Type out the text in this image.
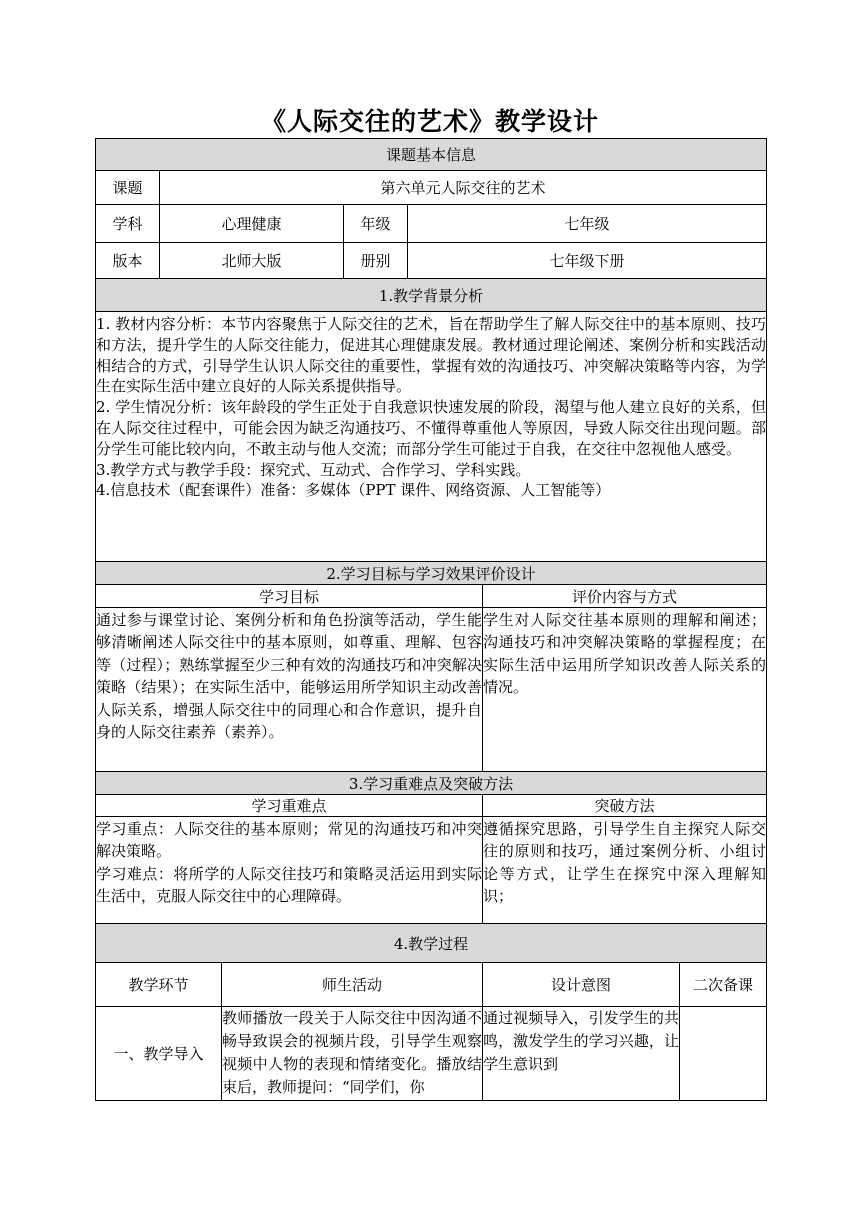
《人际交往的艺术》教学设计
课题基本信息						
课题	第六单元人际交往的艺术					
学科	心理健康		年级	七年级		
版本	北师大版		册别	七年级下册		
1.教学背景分析						

1. 教材内容分析：本节内容聚焦于人际交往的艺术，旨在帮助学生了解人际交往中的基本原则、技巧和方法，提升学生的人际交往能力，促进其心理健康发展。教材通过理论阐述、案例分析和实践活动相结合的方式，引导学生认识人际交往的重要性，掌握有效的沟通技巧、冲突解决策略等内容，为学生在实际生活中建立良好的人际关系提供指导。

2. 学生情况分析：该年龄段的学生正处于自我意识快速发展的阶段，渴望与他人建立良好的关系，但在人际交往过程中，可能会因为缺乏沟通技巧、不懂得尊重他人等原因，导致人际交往出现问题。部分学生可能比较内向，不敢主动与他人交流；而部分学生可能过于自我，在交往中忽视他人感受。

3.教学方式与教学手段：探究式、互动式、合作学习、学科实践。

4.信息技术（配套课件）准备：多媒体（PPT 课件、网络资源、人工智能等）						

2.学习目标与学习效果评价设计						
学习目标					评价内容与方式	
通过参与课堂讨论、案例分析和角色扮演等活动，学生能够清晰阐述人际交往中的基本原则，如尊重、理解、包容等（过程）；熟练掌握至少三种有效的沟通技巧和冲突解决策略（结果）；在实际生活中，能够运用所学知识主动改善人际关系，增强人际交往中的同理心和合作意识，提升自身的人际交往素养（素养）。					学生对人际交往基本原则的理解和阐述；沟通技巧和冲突解决策略的掌握程度；在实际生活中运用所学知识改善人际关系的情况。	
3.学习重难点及突破方法						
学习重难点					突破方法	

学习重点：人际交往的基本原则；常见的沟通技巧和冲突解决策略。

学习难点：将所学的人际交往技巧和策略灵活运用到实际生活中，克服人际交往中的心理障碍。					遵循探究思路，引导学生自主探究人际交往的原则和技巧，通过案例分析、小组讨论等方式，让学生在探究中深入理解知识；	
4.教学过程						
教学环节		师生活动			设计意图	二次备课
一、教学导入		教师播放一段关于人际交往中因沟通不畅导致误会的视频片段，引导学生观察视频中人物的表现和情绪变化。播放结束后，教师提问：“同学们，你			通过视频导入，引发学生的共鸣，激发学生的学习兴趣，让学生意识到	
